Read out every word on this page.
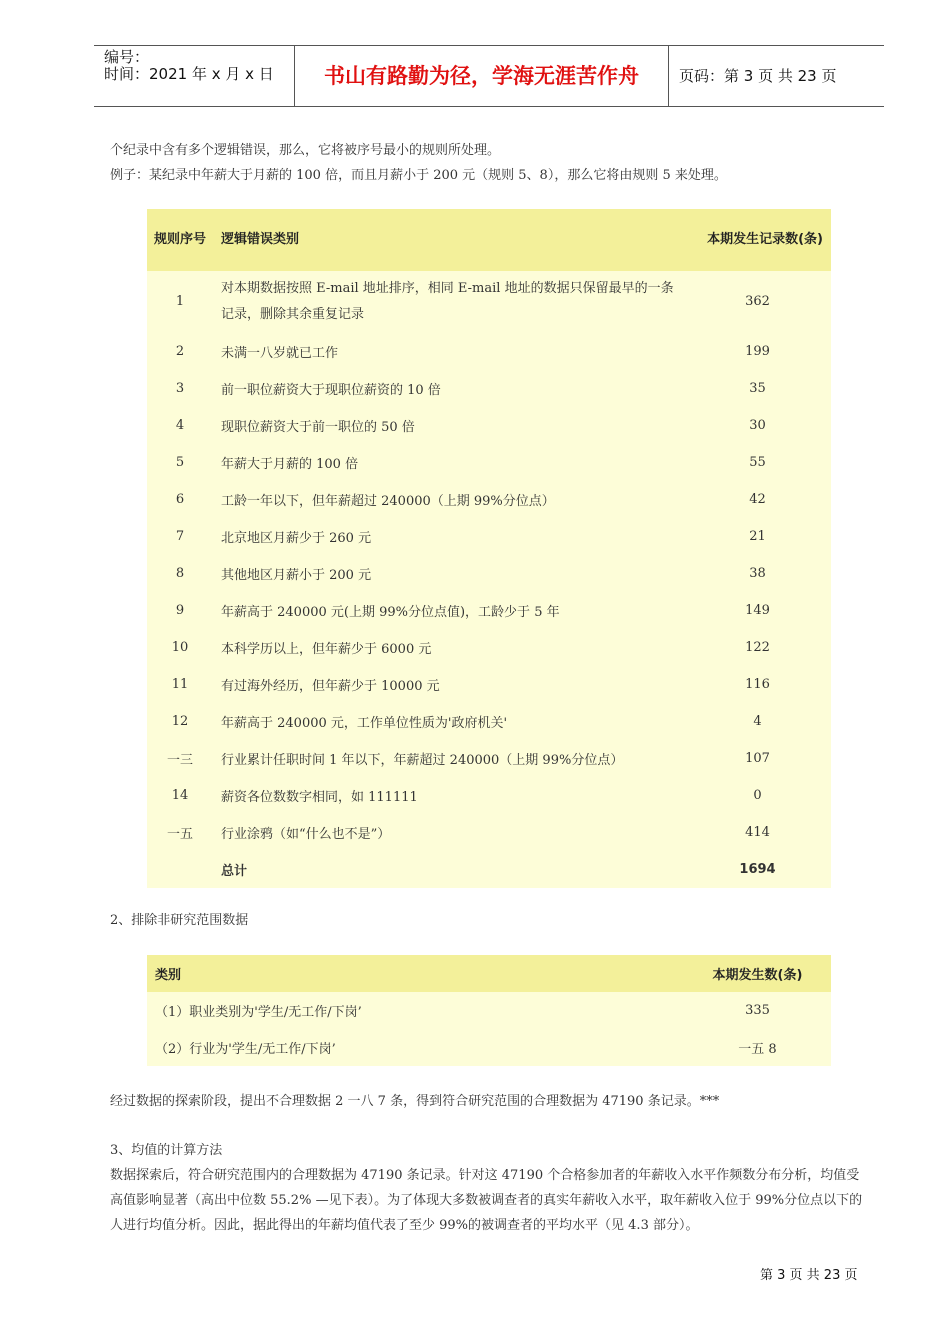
编号：
时间：2021 年 x 月 x 日	书山有路勤为径，学海无涯苦作舟	页码：第 3 页 共 23 页
个纪录中含有多个逻辑错误，那么，它将被序号最小的规则所处理。
例子：某纪录中年薪大于月薪的 100 倍，而且月薪小于 200 元（规则 5、8），那么它将由规则 5 来处理。
规则序号	逻辑错误类别	本期发生记录数(条)
1	对本期数据按照 E-mail 地址排序，相同 E-mail 地址的数据只保留最早的一条记录，删除其余重复记录	362
2	未满一八岁就已工作	199
3	前一职位薪资大于现职位薪资的 10 倍	35
4	现职位薪资大于前一职位的 50 倍	30
5	年薪大于月薪的 100 倍	55
6	工龄一年以下，但年薪超过 240000（上期 99%分位点）	42
7	北京地区月薪少于 260 元	21
8	其他地区月薪小于 200 元	38
9	年薪高于 240000 元(上期 99%分位点值)，工龄少于 5 年	149
10	本科学历以上，但年薪少于 6000 元	122
11	有过海外经历，但年薪少于 10000 元	116
12	年薪高于 240000 元，工作单位性质为'政府机关'	4
一三	行业累计任职时间 1 年以下，年薪超过 240000（上期 99%分位点）	107
14	薪资各位数数字相同，如 111111	0
一五	行业涂鸦（如“什么也不是”）	414
	总计	1694
2、排除非研究范围数据
类别	本期发生数(条)
（1）职业类别为'学生/无工作/下岗’	335
（2）行业为'学生/无工作/下岗’	一五 8
经过数据的探索阶段，提出不合理数据 2 一八 7 条，得到符合研究范围的合理数据为 47190 条记录。***
3、均值的计算方法
数据探索后，符合研究范围内的合理数据为 47190 条记录。针对这 47190 个合格参加者的年薪收入水平作频数分布分析，均值受高值影响显著（高出中位数 55.2% —见下表）。为了体现大多数被调查者的真实年薪收入水平，取年薪收入位于 99%分位点以下的人进行均值分析。因此，据此得出的年薪均值代表了至少 99%的被调查者的平均水平（见 4.3 部分）。
第 3 页 共 23 页
